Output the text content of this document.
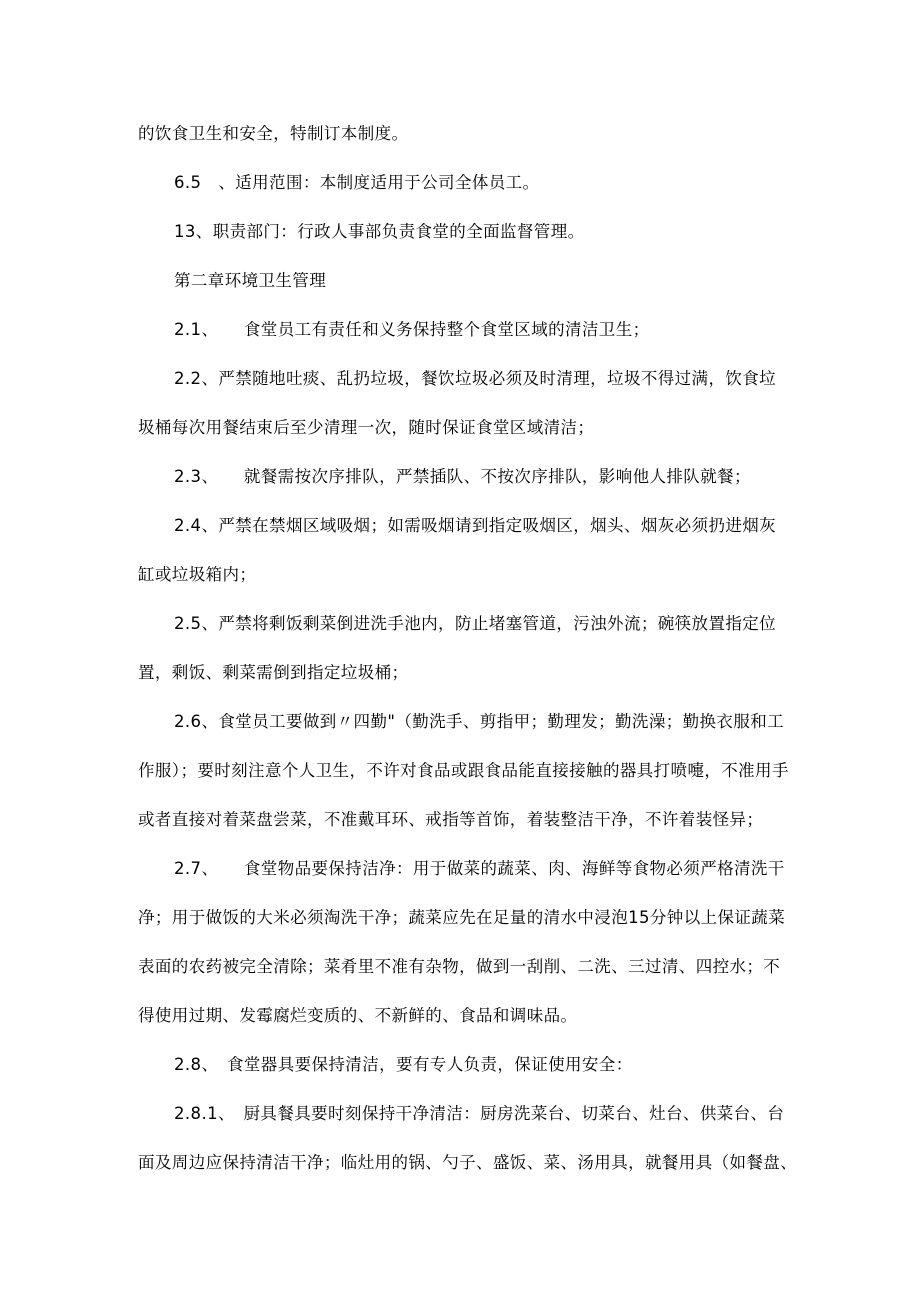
的饮食卫生和安全，特制订本制度。
6.5　、适用范围：本制度适用于公司全体员工。
13、职责部门：行政人事部负责食堂的全面监督管理。
第二章环境卫生管理
2.1、　　食堂员工有责任和义务保持整个食堂区域的清洁卫生；
2.2、严禁随地吐痰、乱扔垃圾，餐饮垃圾必须及时清理，垃圾不得过满，饮食垃
圾桶每次用餐结束后至少清理一次，随时保证食堂区域清洁；
2.3、　　就餐需按次序排队，严禁插队、不按次序排队，影响他人排队就餐；
2.4、严禁在禁烟区域吸烟；如需吸烟请到指定吸烟区，烟头、烟灰必须扔进烟灰
缸或垃圾箱内；
2.5、严禁将剩饭剩菜倒进洗手池内，防止堵塞管道，污浊外流；碗筷放置指定位
置，剩饭、剩菜需倒到指定垃圾桶；
2.6、食堂员工要做到〃四勤"（勤洗手、剪指甲；勤理发；勤洗澡；勤换衣服和工
作服）；要时刻注意个人卫生，不许对食品或跟食品能直接接触的器具打喷嚏，不准用手
或者直接对着菜盘尝菜，不准戴耳环、戒指等首饰，着装整洁干净，不许着装怪异；
2.7、　　食堂物品要保持洁净：用于做菜的蔬菜、肉、海鲜等食物必须严格清洗干
净；用于做饭的大米必须淘洗干净；蔬菜应先在足量的清水中浸泡15分钟以上保证蔬菜
表面的农药被完全清除；菜肴里不准有杂物，做到一刮削、二洗、三过清、四控水；不
得使用过期、发霉腐烂变质的、不新鲜的、食品和调味品。
2.8、　食堂器具要保持清洁，要有专人负责，保证使用安全：
2.8.1、　厨具餐具要时刻保持干净清洁：厨房洗菜台、切菜台、灶台、供菜台、台
面及周边应保持清洁干净；临灶用的锅、勺子、盛饭、菜、汤用具，就餐用具（如餐盘、
